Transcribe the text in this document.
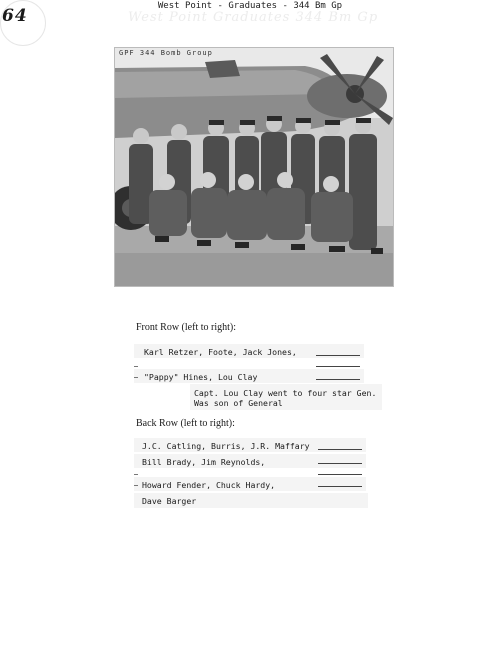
64	West Point - Graduates - 344 Bm Gp
West Point Graduates 344 Bm Gp
GPF 344 Bomb Group
Front Row (left to right):
Karl Retzer, Foote, Jack Jones,
"Pappy" Hines, Lou Clay
Capt. Lou Clay went to four star Gen.
Was son of General
Back Row (left to right):
J.C. Catling, Burris, J.R. Maffary
Bill Brady, Jim Reynolds,
Howard Fender, Chuck Hardy,
Dave Barger
